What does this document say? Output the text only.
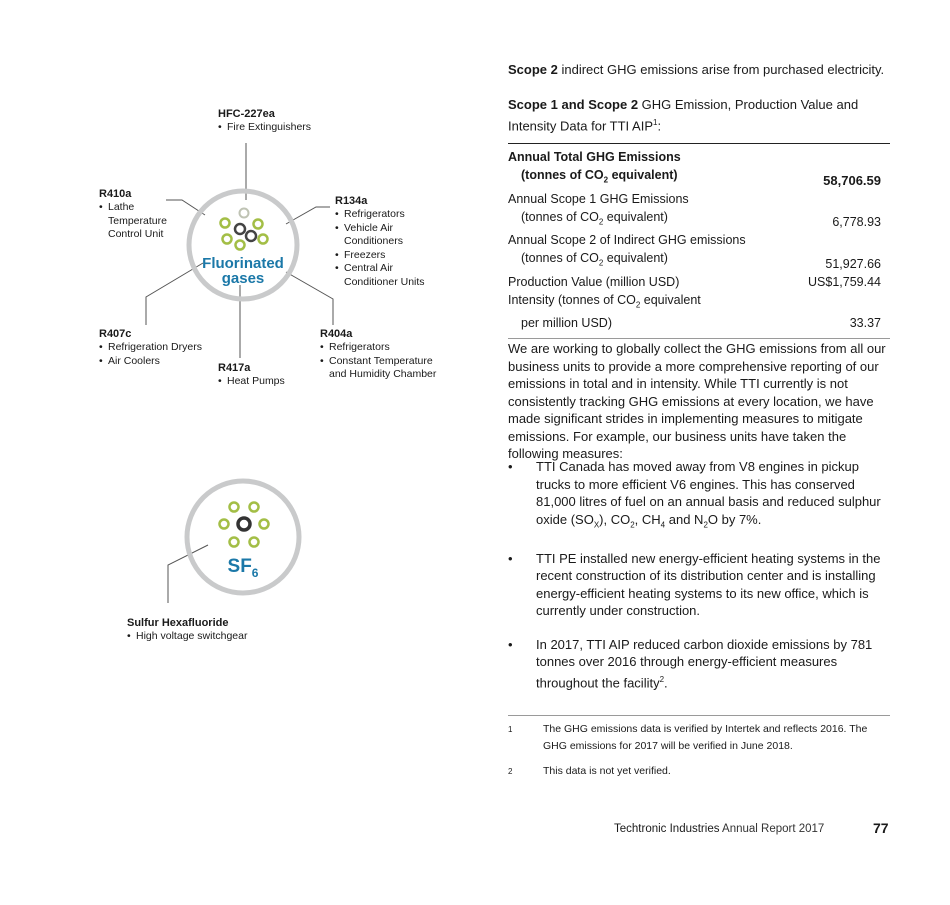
Fluorinated
gases
$SF_6$
HFC-227ea
• Fire Extinguishers
R410a
• Lathe
Temperature
Control Unit
R134a
• Refrigerators
• Vehicle Air
Conditioners
• Freezers
• Central Air
Conditioner Units
R407c
• Refrigeration Dryers
• Air Coolers
R417a
• Heat Pumps
R404a
• Refrigerators
• Constant Temperature
and Humidity Chamber
Sulfur Hexafluoride
• High voltage switchgear
Scope 2 indirect GHG emissions arise from purchased electricity.
Scope 1 and Scope 2 GHG Emission, Production Value and Intensity Data for TTI AIP$^1$:
Annual Total GHG Emissions	
(tonnes of $CO_2$ equivalent)	58,706.59
Annual Scope 1 GHG Emissions	
(tonnes of $CO_2$ equivalent)	6,778.93
Annual Scope 2 of Indirect GHG emissions	
(tonnes of $CO_2$ equivalent)	51,927.66
Production Value (million USD)	US$1,759.44
Intensity (tonnes of $CO_2$ equivalent	
per million USD)	33.37
We are working to globally collect the GHG emissions from all our business units to provide a more comprehensive reporting of our emissions in total and in intensity. While TTI currently is not consistently tracking GHG emissions at every location, we have made significant strides in implementing measures to mitigate emissions. For example, our business units have taken the following measures:
• TTI Canada has moved away from V8 engines in pickup trucks to more efficient V6 engines. This has conserved 81,000 litres of fuel on an annual basis and reduced sulphur oxide $(SO_X)$, $CO_2$, $CH_4$ and $N_2O$ by 7%.
• TTI PE installed new energy-efficient heating systems in the recent construction of its distribution center and is installing energy-efficient heating systems to its new office, which is currently under construction.
• In 2017, TTI AIP reduced carbon dioxide emissions by 781 tonnes over 2016 through energy-efficient measures throughout the facility$^2$.
1	The GHG emissions data is verified by Intertek and reflects 2016. The GHG emissions for 2017 will be verified in June 2018.
2	This data is not yet verified.
Techtronic Industries Annual Report 2017	77
